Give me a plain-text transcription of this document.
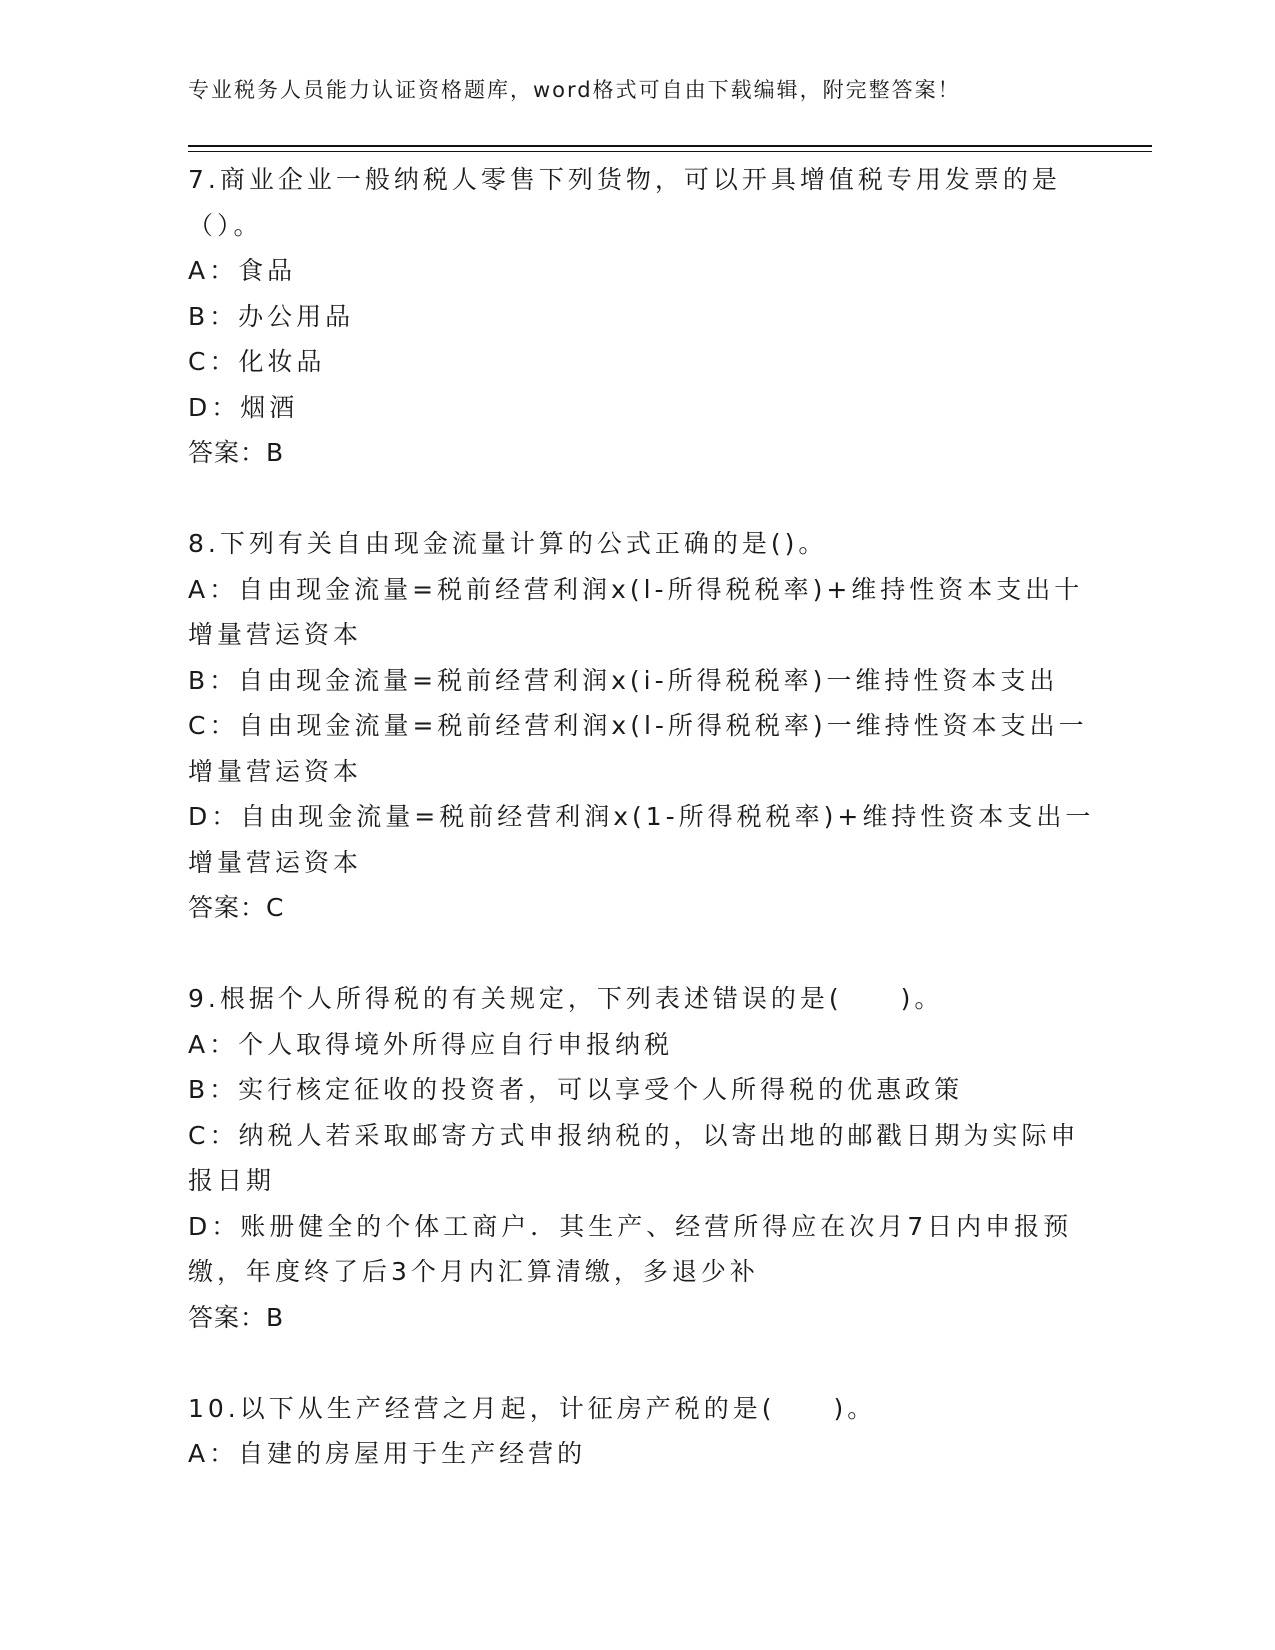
专业税务人员能力认证资格题库，word格式可自由下载编辑，附完整答案！
7.商业企业一般纳税人零售下列货物，可以开具增值税专用发票的是
（）。
A：食品
B：办公用品
C：化妆品
D：烟酒
答案：B
8.下列有关自由现金流量计算的公式正确的是()。
A：自由现金流量=税前经营利润x(l-所得税税率)+维持性资本支出十
增量营运资本
B：自由现金流量=税前经营利润x(i-所得税税率)一维持性资本支出
C：自由现金流量=税前经营利润x(l-所得税税率)一维持性资本支出一
增量营运资本
D：自由现金流量=税前经营利润x(1-所得税税率)+维持性资本支出一
增量营运资本
答案：C
9.根据个人所得税的有关规定，下列表述错误的是(　　)。
A：个人取得境外所得应自行申报纳税
B：实行核定征收的投资者，可以享受个人所得税的优惠政策
C：纳税人若采取邮寄方式申报纳税的，以寄出地的邮戳日期为实际申
报日期
D：账册健全的个体工商户．其生产、经营所得应在次月7日内申报预
缴，年度终了后3个月内汇算清缴，多退少补
答案：B
10.以下从生产经营之月起，计征房产税的是(　　)。
A：自建的房屋用于生产经营的
